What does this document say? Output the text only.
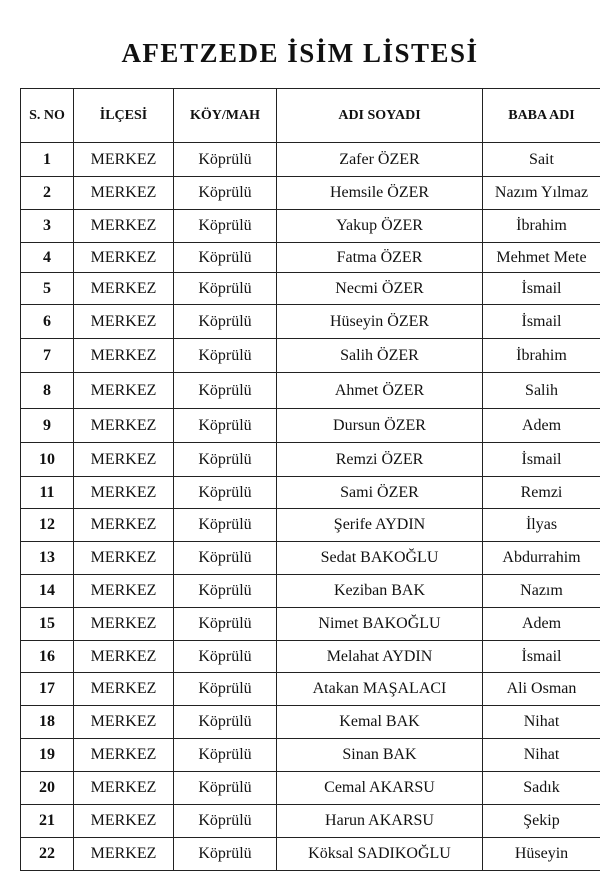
AFETZEDE İSİM LİSTESİ
S. NO	İLÇESİ	KÖY/MAH	ADI SOYADI	BABA ADI
1	MERKEZ	Köprülü	Zafer ÖZER	Sait
2	MERKEZ	Köprülü	Hemsile ÖZER	Nazım Yılmaz
3	MERKEZ	Köprülü	Yakup ÖZER	İbrahim
4	MERKEZ	Köprülü	Fatma ÖZER	Mehmet Mete
5	MERKEZ	Köprülü	Necmi ÖZER	İsmail
6	MERKEZ	Köprülü	Hüseyin ÖZER	İsmail
7	MERKEZ	Köprülü	Salih ÖZER	İbrahim
8	MERKEZ	Köprülü	Ahmet ÖZER	Salih
9	MERKEZ	Köprülü	Dursun ÖZER	Adem
10	MERKEZ	Köprülü	Remzi ÖZER	İsmail
11	MERKEZ	Köprülü	Sami ÖZER	Remzi
12	MERKEZ	Köprülü	Şerife AYDIN	İlyas
13	MERKEZ	Köprülü	Sedat BAKOĞLU	Abdurrahim
14	MERKEZ	Köprülü	Keziban BAK	Nazım
15	MERKEZ	Köprülü	Nimet BAKOĞLU	Adem
16	MERKEZ	Köprülü	Melahat AYDIN	İsmail
17	MERKEZ	Köprülü	Atakan MAŞALACI	Ali Osman
18	MERKEZ	Köprülü	Kemal BAK	Nihat
19	MERKEZ	Köprülü	Sinan BAK	Nihat
20	MERKEZ	Köprülü	Cemal AKARSU	Sadık
21	MERKEZ	Köprülü	Harun AKARSU	Şekip
22	MERKEZ	Köprülü	Köksal SADIKOĞLU	Hüseyin
